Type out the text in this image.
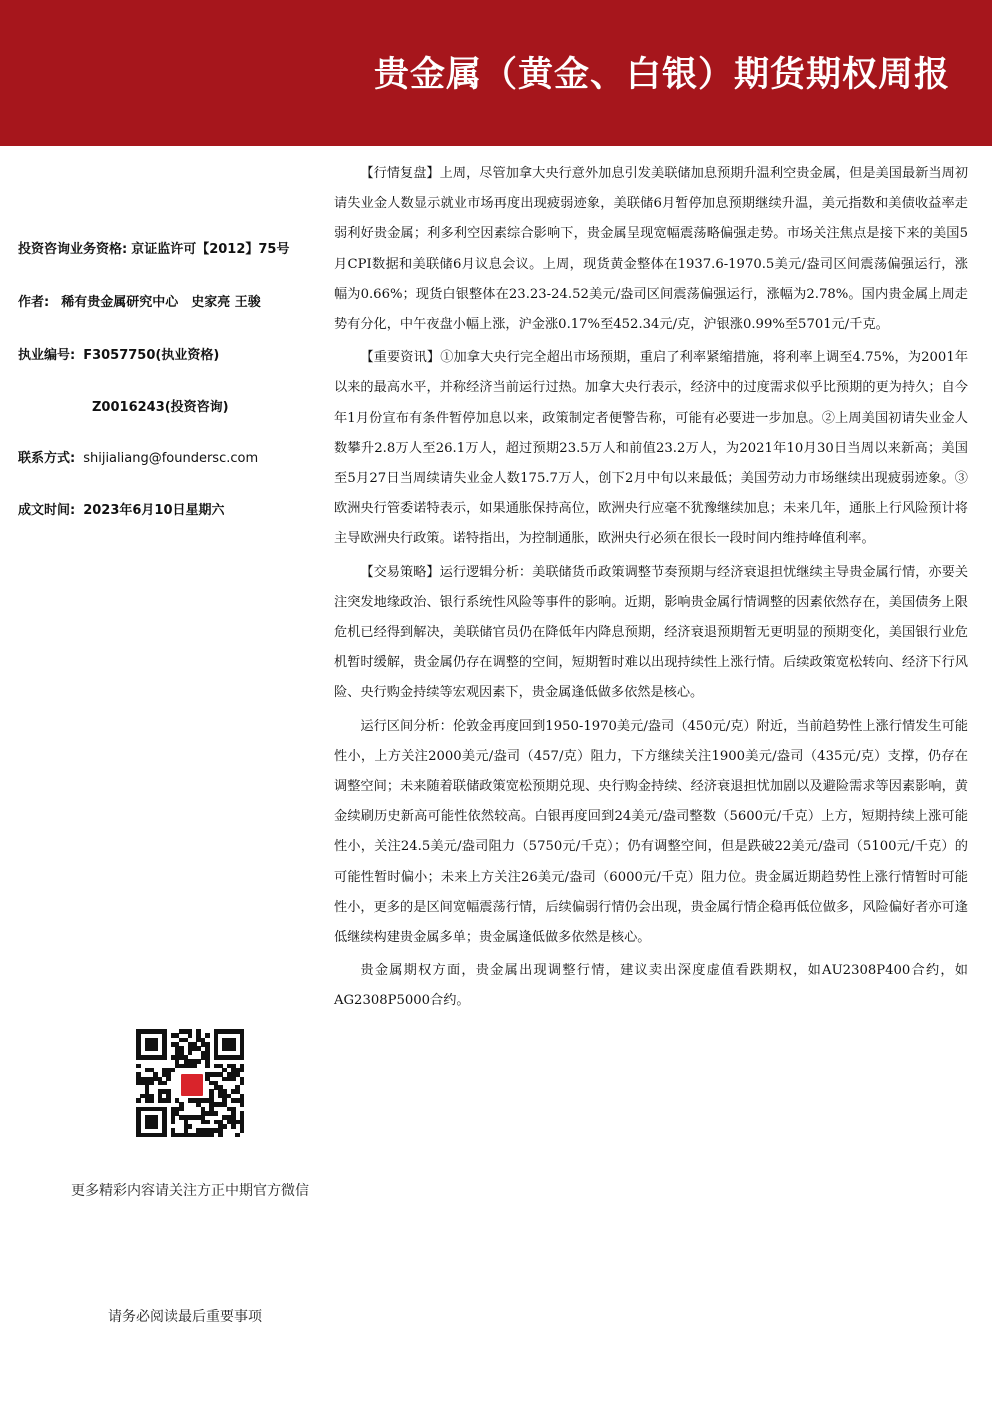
贵金属（黄金、白银）期货期权周报
投资咨询业务资格: 京证监许可【2012】75号
作者: 稀有贵金属研究中心　史家亮 王骏
执业编号: F3057750(执业资格)
Z0016243(投资咨询)
联系方式: shijialiang@foundersc.com
成文时间: 2023年6月10日星期六
更多精彩内容请关注方正中期官方微信
请务必阅读最后重要事项

【行情复盘】上周，尽管加拿大央行意外加息引发美联储加息预期升温利空贵金属，但是美国最新当周初请失业金人数显示就业市场再度出现疲弱迹象，美联储6月暂停加息预期继续升温，美元指数和美债收益率走弱利好贵金属；利多利空因素综合影响下，贵金属呈现宽幅震荡略偏强走势。市场关注焦点是接下来的美国5月CPI数据和美联储6月议息会议。上周，现货黄金整体在1937.6-1970.5美元/盎司区间震荡偏强运行，涨幅为0.66%；现货白银整体在23.23-24.52美元/盎司区间震荡偏强运行，涨幅为2.78%。国内贵金属上周走势有分化，中午夜盘小幅上涨，沪金涨0.17%至452.34元/克，沪银涨0.99%至5701元/千克。

【重要资讯】①加拿大央行完全超出市场预期，重启了利率紧缩措施，将利率上调至4.75%，为2001年以来的最高水平，并称经济当前运行过热。加拿大央行表示，经济中的过度需求似乎比预期的更为持久；自今年1月份宣布有条件暂停加息以来，政策制定者便警告称，可能有必要进一步加息。②上周美国初请失业金人数攀升2.8万人至26.1万人，超过预期23.5万人和前值23.2万人，为2021年10月30日当周以来新高；美国至5月27日当周续请失业金人数175.7万人，创下2月中旬以来最低；美国劳动力市场继续出现疲弱迹象。③欧洲央行管委诺特表示，如果通胀保持高位，欧洲央行应毫不犹豫继续加息；未来几年，通胀上行风险预计将主导欧洲央行政策。诺特指出，为控制通胀，欧洲央行必须在很长一段时间内维持峰值利率。

【交易策略】运行逻辑分析：美联储货币政策调整节奏预期与经济衰退担忧继续主导贵金属行情，亦要关注突发地缘政治、银行系统性风险等事件的影响。近期，影响贵金属行情调整的因素依然存在，美国债务上限危机已经得到解决，美联储官员仍在降低年内降息预期，经济衰退预期暂无更明显的预期变化，美国银行业危机暂时缓解，贵金属仍存在调整的空间，短期暂时难以出现持续性上涨行情。后续政策宽松转向、经济下行风险、央行购金持续等宏观因素下，贵金属逢低做多依然是核心。

运行区间分析：伦敦金再度回到1950-1970美元/盎司（450元/克）附近，当前趋势性上涨行情发生可能性小，上方关注2000美元/盎司（457/克）阻力，下方继续关注1900美元/盎司（435元/克）支撑，仍存在调整空间；未来随着联储政策宽松预期兑现、央行购金持续、经济衰退担忧加剧以及避险需求等因素影响，黄金续刷历史新高可能性依然较高。白银再度回到24美元/盎司整数（5600元/千克）上方，短期持续上涨可能性小，关注24.5美元/盎司阻力（5750元/千克）；仍有调整空间，但是跌破22美元/盎司（5100元/千克）的可能性暂时偏小；未来上方关注26美元/盎司（6000元/千克）阻力位。贵金属近期趋势性上涨行情暂时可能性小，更多的是区间宽幅震荡行情，后续偏弱行情仍会出现，贵金属行情企稳再低位做多，风险偏好者亦可逢低继续构建贵金属多单；贵金属逢低做多依然是核心。

贵金属期权方面，贵金属出现调整行情，建议卖出深度虚值看跌期权，如AU2308P400合约，如AG2308P5000合约。
